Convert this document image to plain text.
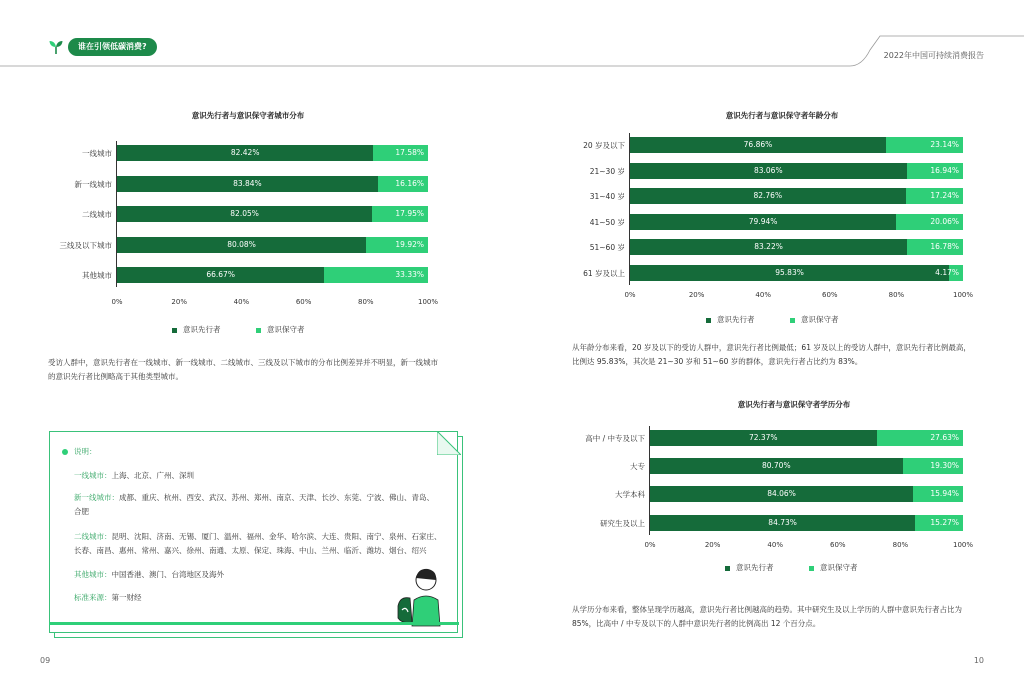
谁在引领低碳消费?
2022年中国可持续消费报告
意识先行者与意识保守者城市分布
一线城市	82.42%	17.58%
新一线城市	83.84%	16.16%
二线城市	82.05%	17.95%
三线及以下城市	80.08%	19.92%
其他城市	66.67%	33.33%
0%	20%	40%	60%	80%	100%
意识先行者	意识保守者
意识先行者与意识保守者年龄分布
20 岁及以下	76.86%	23.14%
21~30 岁	83.06%	16.94%
31~40 岁	82.76%	17.24%
41~50 岁	79.94%	20.06%
51~60 岁	83.22%	16.78%
61 岁及以上	95.83%	4.17%
0%	20%	40%	60%	80%	100%
意识先行者	意识保守者
意识先行者与意识保守者学历分布
高中 / 中专及以下	72.37%	27.63%
大专	80.70%	19.30%
大学本科	84.06%	15.94%
研究生及以上	84.73%	15.27%
0%	20%	40%	60%	80%	100%
意识先行者	意识保守者
受访人群中，意识先行者在一线城市、新一线城市、二线城市、三线及以下城市的分布比例差异并不明显，新一线城市
的意识先行者比例略高于其他类型城市。
从年龄分布来看，20 岁及以下的受访人群中，意识先行者比例最低；61 岁及以上的受访人群中，意识先行者比例最高，
比例达 95.83%，其次是 21~30 岁和 51~60 岁的群体，意识先行者占比约为 83%。
从学历分布来看，整体呈现学历越高，意识先行者比例越高的趋势。其中研究生及以上学历的人群中意识先行者占比为
85%，比高中 / 中专及以下的人群中意识先行者的比例高出 12 个百分点。
说明：
一线城市：上海、北京、广州、深圳
新一线城市：成都、重庆、杭州、西安、武汉、苏州、郑州、南京、天津、长沙、东莞、宁波、佛山、青岛、
合肥
二线城市：昆明、沈阳、济南、无锡、厦门、温州、福州、金华、哈尔滨、大连、贵阳、南宁、泉州、石家庄、
长春、南昌、惠州、常州、嘉兴、徐州、南通、太原、保定、珠海、中山、兰州、临沂、潍坊、烟台、绍兴
其他城市：中国香港、澳门、台湾地区及海外
标准来源：第一财经
09	10
